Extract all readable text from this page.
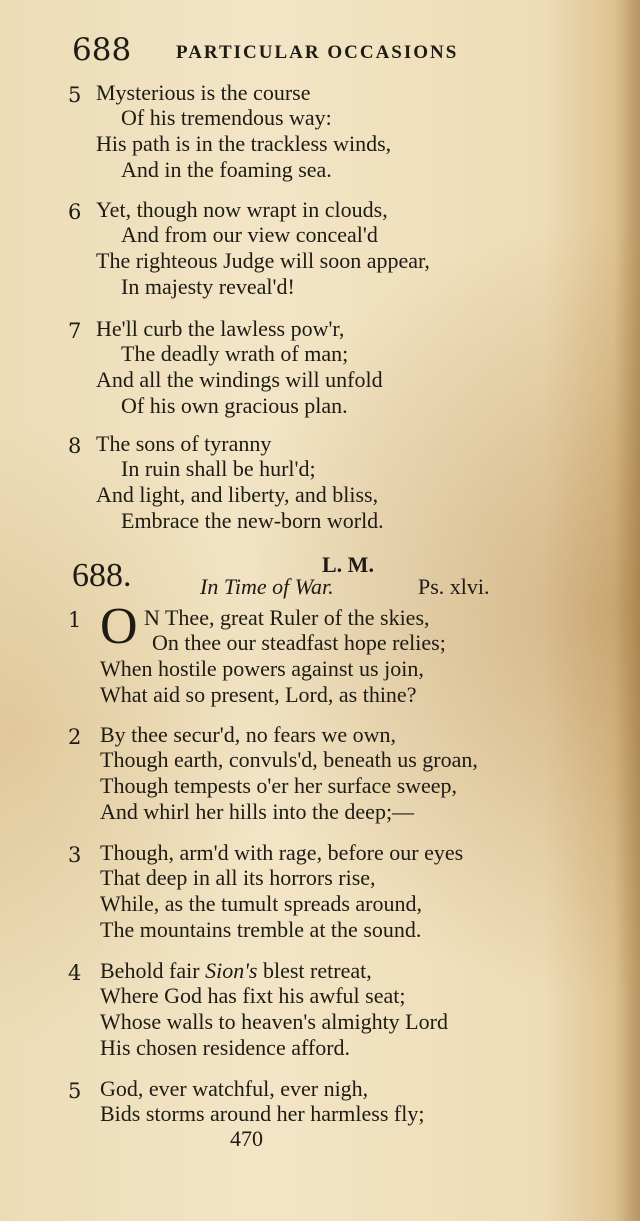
688 PARTICULAR OCCASIONS
5 Mysterious is the course
Of his tremendous way:
His path is in the trackless winds,
And in the foaming sea.
6 Yet, though now wrapt in clouds,
And from our view conceal'd
The righteous Judge will soon appear,
In majesty reveal'd!
7 He'll curb the lawless pow'r,
The deadly wrath of man;
And all the windings will unfold
Of his own gracious plan.
8 The sons of tyranny
In ruin shall be hurl'd;
And light, and liberty, and bliss,
Embrace the new-born world.
688.	L. M.
In Time of War.	Ps. xlvi.
1 O N Thee, great Ruler of the skies,
On thee our steadfast hope relies;
When hostile powers against us join,
What aid so present, Lord, as thine?
2 By thee secur'd, no fears we own,
Though earth, convuls'd, beneath us groan,
Though tempests o'er her surface sweep,
And whirl her hills into the deep;—
3 Though, arm'd with rage, before our eyes
That deep in all its horrors rise,
While, as the tumult spreads around,
The mountains tremble at the sound.
4 Behold fair Sion's blest retreat,
Where God has fixt his awful seat;
Whose walls to heaven's almighty Lord
His chosen residence afford.
5 God, ever watchful, ever nigh,
Bids storms around her harmless fly;
470
